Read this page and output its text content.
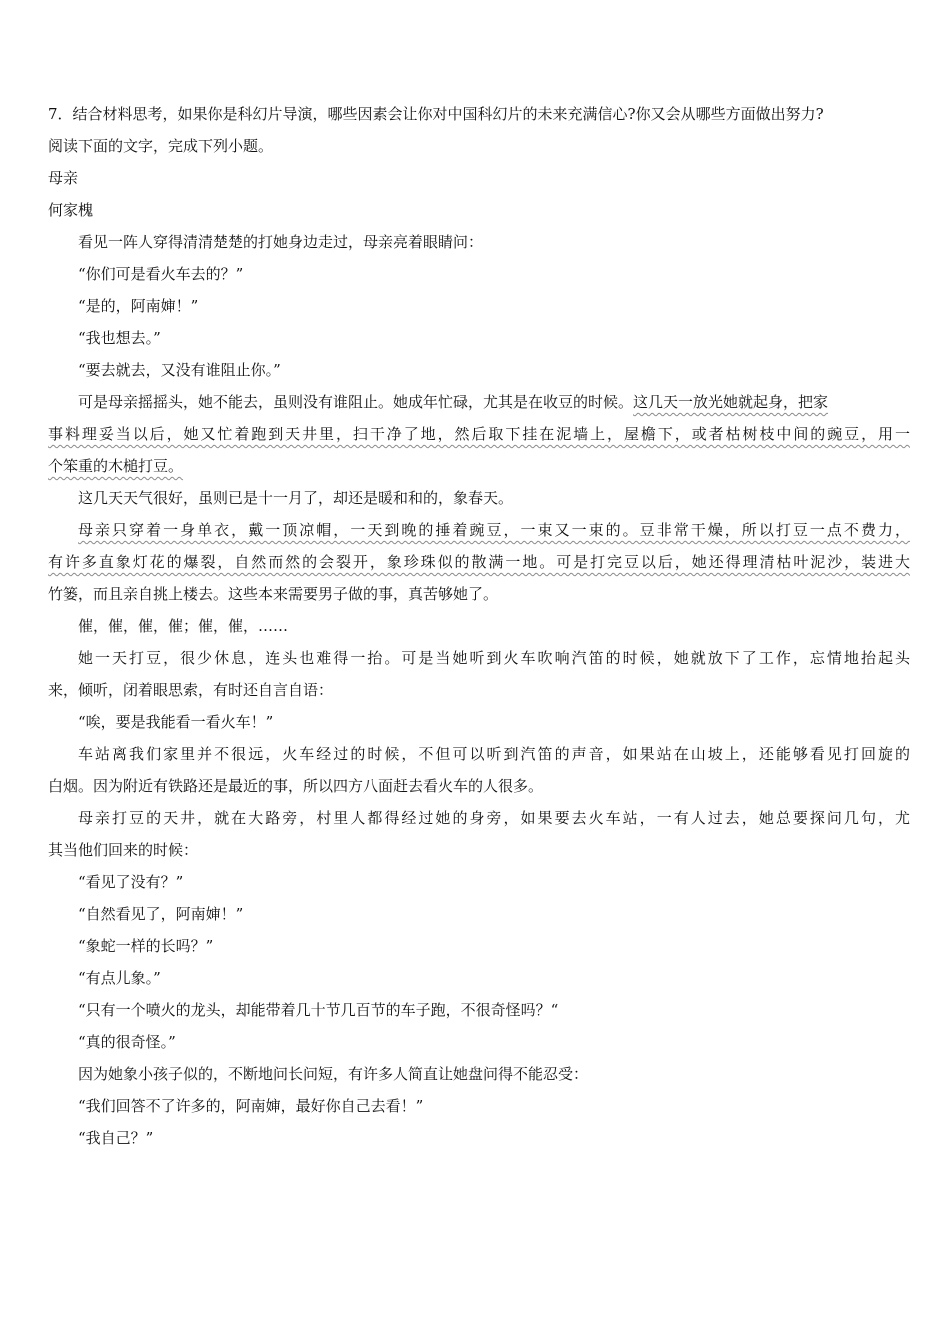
7．结合材料思考，如果你是科幻片导演，哪些因素会让你对中国科幻片的未来充满信心?你又会从哪些方面做出努力?
阅读下面的文字，完成下列小题。
母亲
何家槐
看见一阵人穿得清清楚楚的打她身边走过，母亲亮着眼睛问：
“你们可是看火车去的？”
“是的，阿南婶！”
“我也想去。”
“要去就去，又没有谁阻止你。”
可是母亲摇摇头，她不能去，虽则没有谁阻止。她成年忙碌，尤其是在收豆的时候。这几天一放光她就起身，把家
事料理妥当以后，她又忙着跑到天井里，扫干净了地，然后取下挂在泥墙上，屋檐下，或者枯树枝中间的豌豆，用一
个笨重的木槌打豆。
这几天天气很好，虽则已是十一月了，却还是暖和和的，象春天。
母亲只穿着一身单衣，戴一顶凉帽，一天到晚的捶着豌豆，一束又一束的。豆非常干燥，所以打豆一点不费力，
有许多直象灯花的爆裂，自然而然的会裂开，象珍珠似的散满一地。可是打完豆以后，她还得理清枯叶泥沙，装进大
竹篓，而且亲自挑上楼去。这些本来需要男子做的事，真苦够她了。
催，催，催，催；催，催，……
她一天打豆，很少休息，连头也难得一抬。可是当她听到火车吹响汽笛的时候，她就放下了工作，忘情地抬起头
来，倾听，闭着眼思索，有时还自言自语：
“唉，要是我能看一看火车！”
车站离我们家里并不很远，火车经过的时候，不但可以听到汽笛的声音，如果站在山坡上，还能够看见打回旋的
白烟。因为附近有铁路还是最近的事，所以四方八面赶去看火车的人很多。
母亲打豆的天井，就在大路旁，村里人都得经过她的身旁，如果要去火车站，一有人过去，她总要探问几句，尤
其当他们回来的时候：
“看见了没有？”
“自然看见了，阿南婶！”
“象蛇一样的长吗？”
“有点儿象。”
“只有一个喷火的龙头，却能带着几十节几百节的车子跑，不很奇怪吗？“
“真的很奇怪。”
因为她象小孩子似的，不断地问长问短，有许多人简直让她盘问得不能忍受：
“我们回答不了许多的，阿南婶，最好你自己去看！”
“我自己？”
